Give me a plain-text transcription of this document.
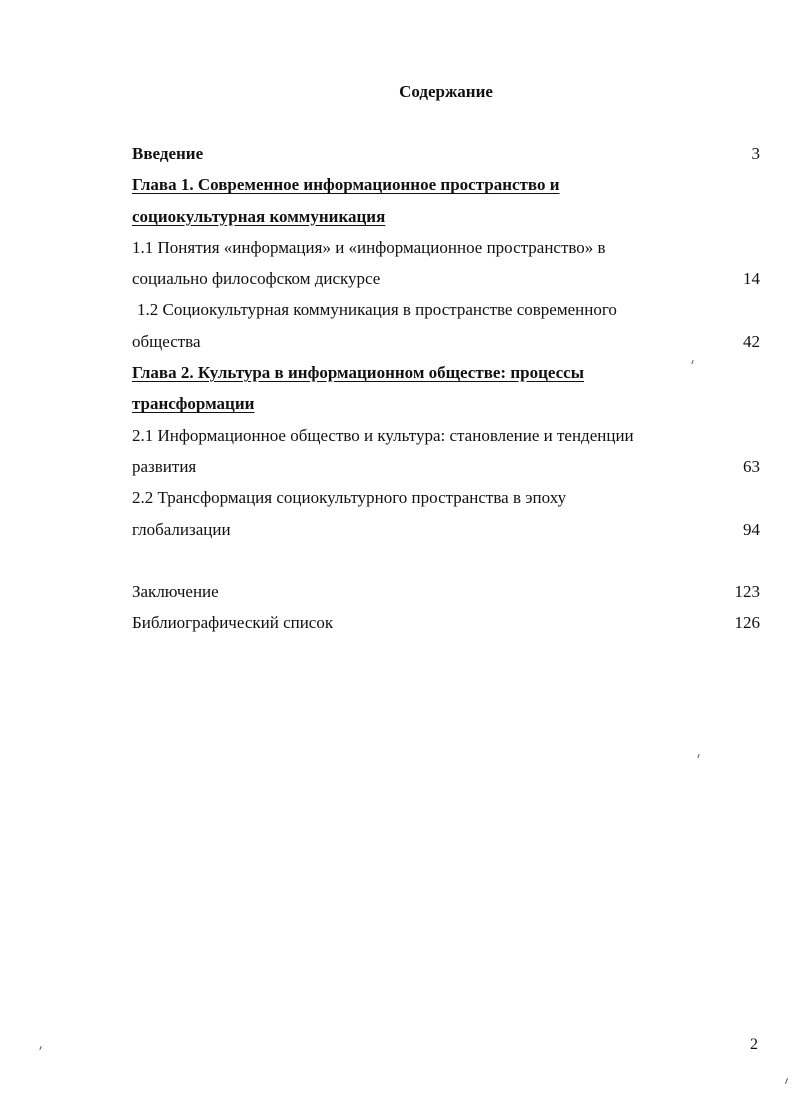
Содержание
Введение	3
Глава 1. Современное информационное пространство и
социокультурная коммуникация
1.1 Понятия «информация» и «информационное пространство» в
социально философском дискурсе	14
1.2 Социокультурная коммуникация в пространстве современного
общества	42
Глава 2. Культура в информационном обществе: процессы
трансформации
2.1 Информационное общество и культура: становление и тенденции
развития	63
2.2 Трансформация социокультурного пространства в эпоху
глобализации	94
Заключение	123
Библиографический список	126
2
